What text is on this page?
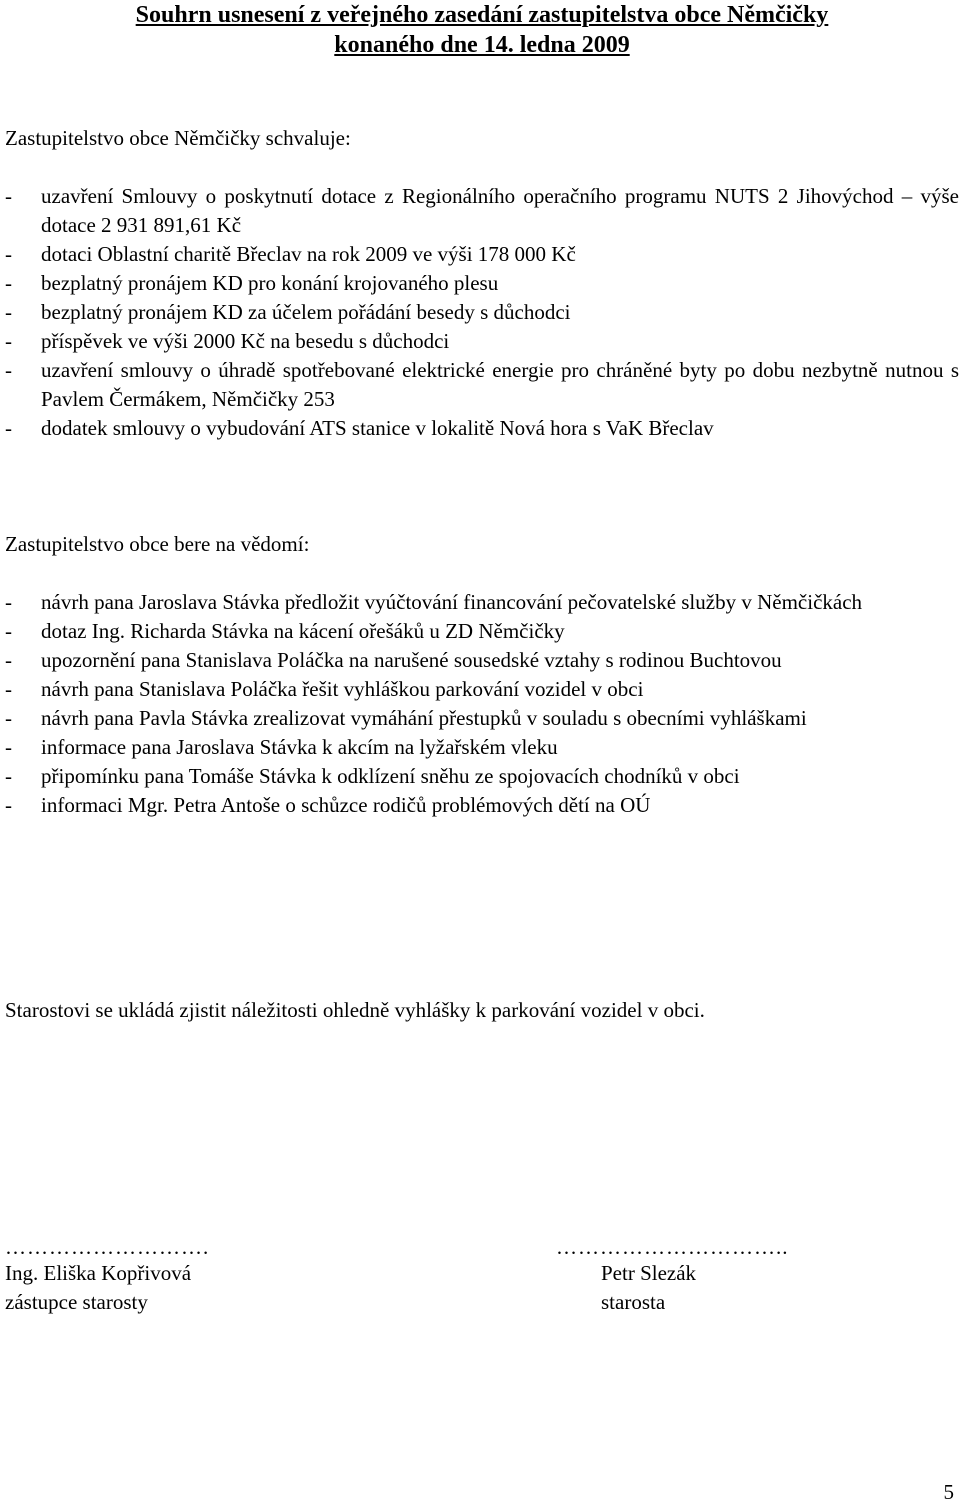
Souhrn usnesení z veřejného zasedání zastupitelstva obce Němčičky
konaného dne 14. ledna 2009
Zastupitelstvo obce Němčičky schvaluje:
- uzavření Smlouvy o poskytnutí dotace z Regionálního operačního programu NUTS 2 Jihovýchod – výše dotace 2 931 891,61 Kč
- dotaci Oblastní charitě Břeclav na rok 2009 ve výši 178 000 Kč
- bezplatný pronájem KD pro konání krojovaného plesu
- bezplatný pronájem KD za účelem pořádání besedy s důchodci
- příspěvek ve výši 2000 Kč na besedu s důchodci
- uzavření smlouvy o úhradě spotřebované elektrické energie pro chráněné byty po dobu nezbytně nutnou s Pavlem Čermákem, Němčičky 253
- dodatek smlouvy o vybudování ATS stanice v lokalitě Nová hora s VaK Břeclav
Zastupitelstvo obce bere na vědomí:
- návrh pana Jaroslava Stávka předložit vyúčtování financování pečovatelské služby v Němčičkách
- dotaz Ing. Richarda Stávka na kácení ořešáků u ZD Němčičky
- upozornění pana Stanislava Poláčka na narušené sousedské vztahy s rodinou Buchtovou
- návrh pana Stanislava Poláčka řešit vyhláškou parkování vozidel v obci
- návrh pana Pavla Stávka zrealizovat vymáhání přestupků v souladu s obecními vyhláškami
- informace pana Jaroslava Stávka k akcím na lyžařském vleku
- připomínku pana Tomáše Stávka k odklízení sněhu ze spojovacích chodníků v obci
- informaci Mgr. Petra Antoše o schůzce rodičů problémových dětí na OÚ
Starostovi se ukládá zjistit náležitosti ohledně vyhlášky k parkování vozidel v obci.
……………………….	…………………………..
Ing. Eliška Kopřivová
zástupce starosty
Petr Slezák
starosta
5
